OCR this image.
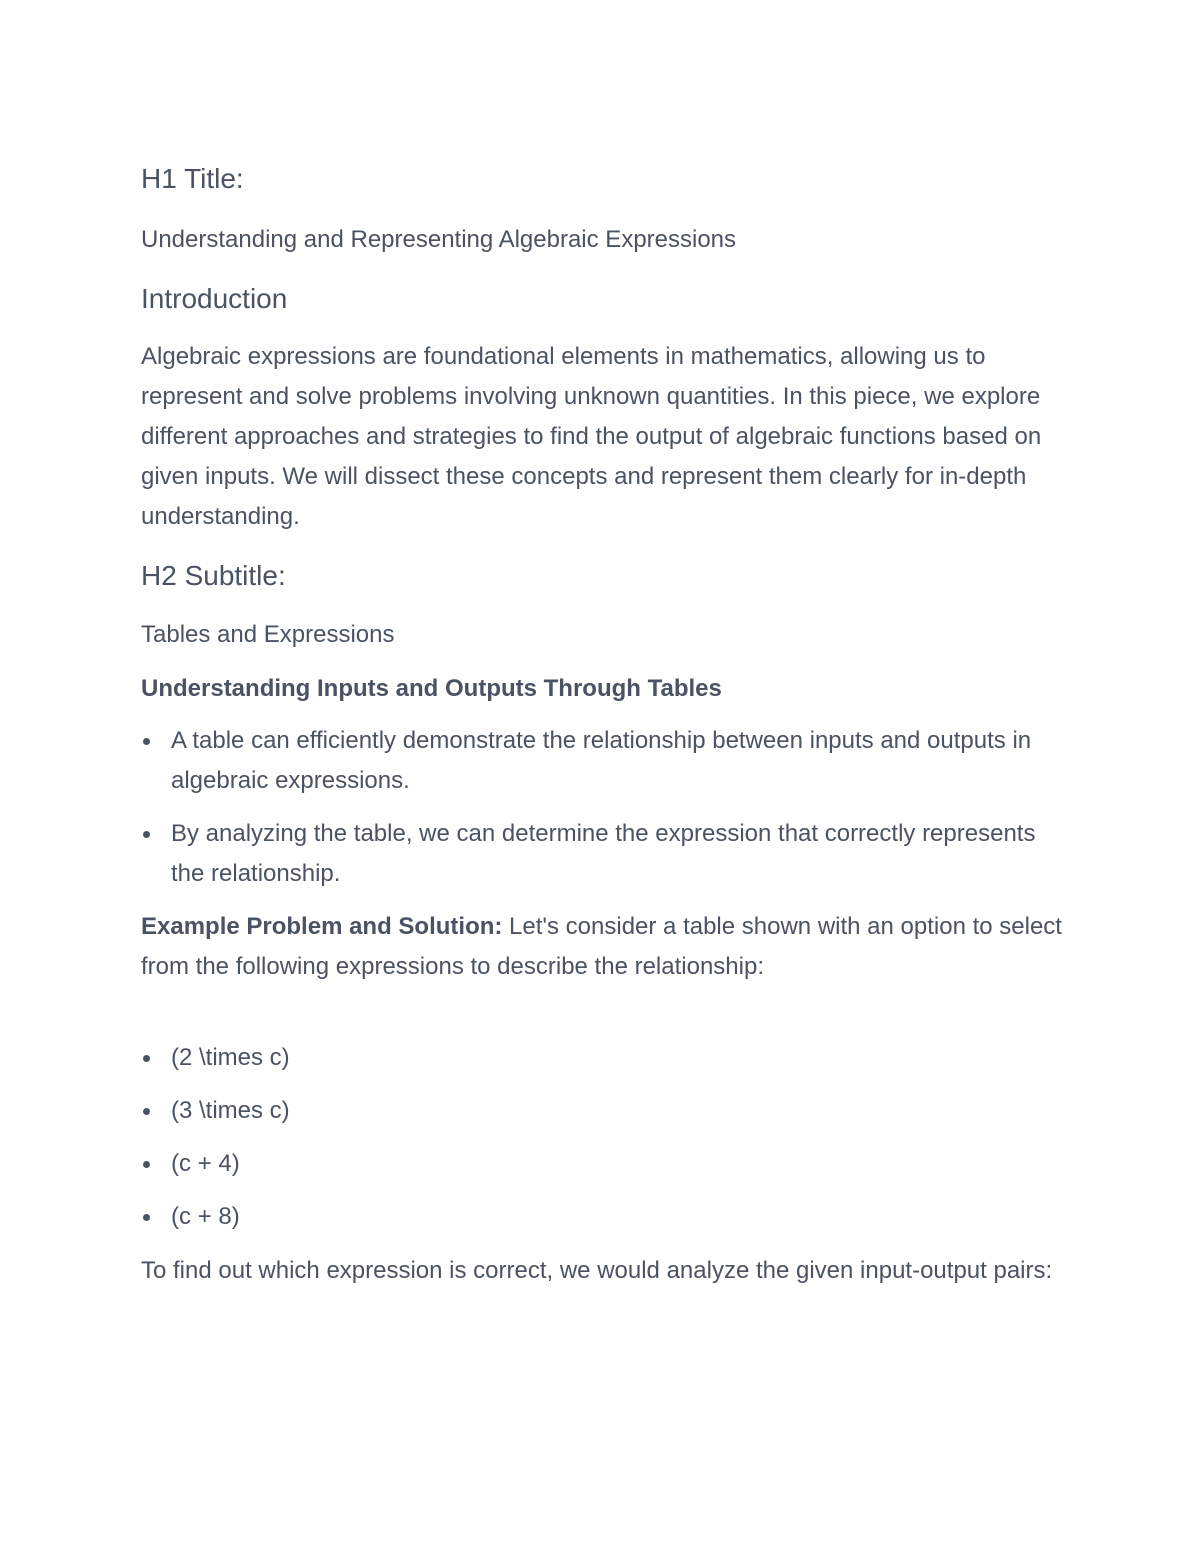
H1 Title:
Understanding and Representing Algebraic Expressions
Introduction
Algebraic expressions are foundational elements in mathematics, allowing us to represent and solve problems involving unknown quantities. In this piece, we explore different approaches and strategies to find the output of algebraic functions based on given inputs. We will dissect these concepts and represent them clearly for in-depth understanding.
H2 Subtitle:
Tables and Expressions
Understanding Inputs and Outputs Through Tables
A table can efficiently demonstrate the relationship between inputs and outputs in algebraic expressions.
By analyzing the table, we can determine the expression that correctly represents the relationship.
Example Problem and Solution: Let's consider a table shown with an option to select from the following expressions to describe the relationship:
(2 \times c)
(3 \times c)
(c + 4)
(c + 8)
To find out which expression is correct, we would analyze the given input-output pairs:
